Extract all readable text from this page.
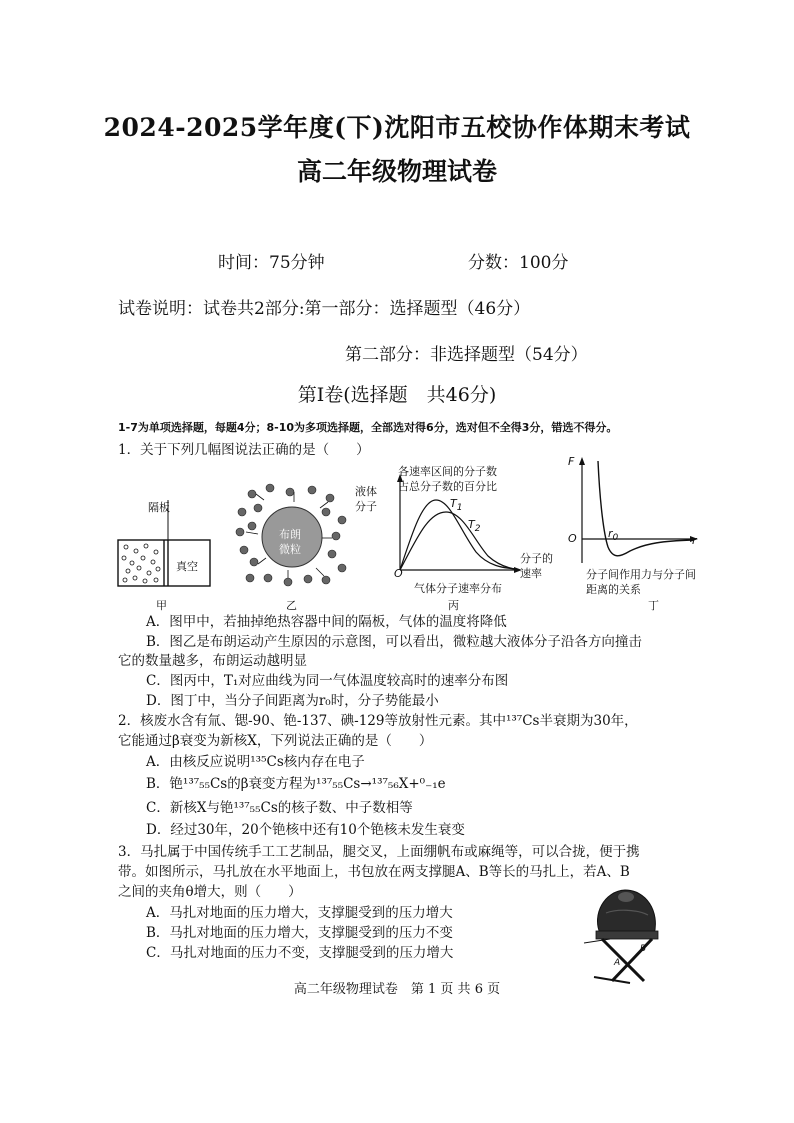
2024-2025学年度(下)沈阳市五校协作体期末考试
高二年级物理试卷
时间：75分钟	分数：100分
试卷说明：试卷共2部分:第一部分：选择题型（46分）
第二部分：非选择题型（54分）
第Ⅰ卷(选择题　共46分)
1-7为单项选择题，每题4分；8-10为多项选择题，全部选对得6分，选对但不全得3分，错选不得分。
1．关于下列几幅图说法正确的是（　　）
隔板
真空
甲
布朗
微粒
液体
分子
乙
各速率区间的分子数
占总分子数的百分比
$T_1$
$T_2$
O
分子的
速率
气体分子速率分布
丙
F
O	$r_0$	r
分子间作用力与分子间
距离的关系
丁
A．图甲中，若抽掉绝热容器中间的隔板，气体的温度将降低
B．图乙是布朗运动产生原因的示意图，可以看出，微粒越大液体分子沿各方向撞击
它的数量越多，布朗运动越明显
C．图丙中，T₁对应曲线为同一气体温度较高时的速率分布图
D．图丁中，当分子间距离为r₀时，分子势能最小
2．核废水含有氚、锶-90、铯-137、碘-129等放射性元素。其中¹³⁷Cs半衰期为30年，
它能通过β衰变为新核X，下列说法正确的是（　　）
A．由核反应说明¹³⁵Cs核内存在电子
B．铯¹³⁷₅₅Cs的β衰变方程为¹³⁷₅₅Cs→¹³⁷₅₆X+⁰₋₁e
C．新核X与铯¹³⁷₅₅Cs的核子数、中子数相等
D．经过30年，20个铯核中还有10个铯核未发生衰变
3．马扎属于中国传统手工工艺制品，腿交叉，上面绷帆布或麻绳等，可以合拢，便于携
带。如图所示，马扎放在水平地面上，书包放在两支撑腿A、B等长的马扎上，若A、B
之间的夹角θ增大，则（　　）
A．马扎对地面的压力增大，支撑腿受到的压力增大
B．马扎对地面的压力增大，支撑腿受到的压力不变
C．马扎对地面的压力不变，支撑腿受到的压力增大
A
B
θ
高二年级物理试卷　第 1 页 共 6 页
